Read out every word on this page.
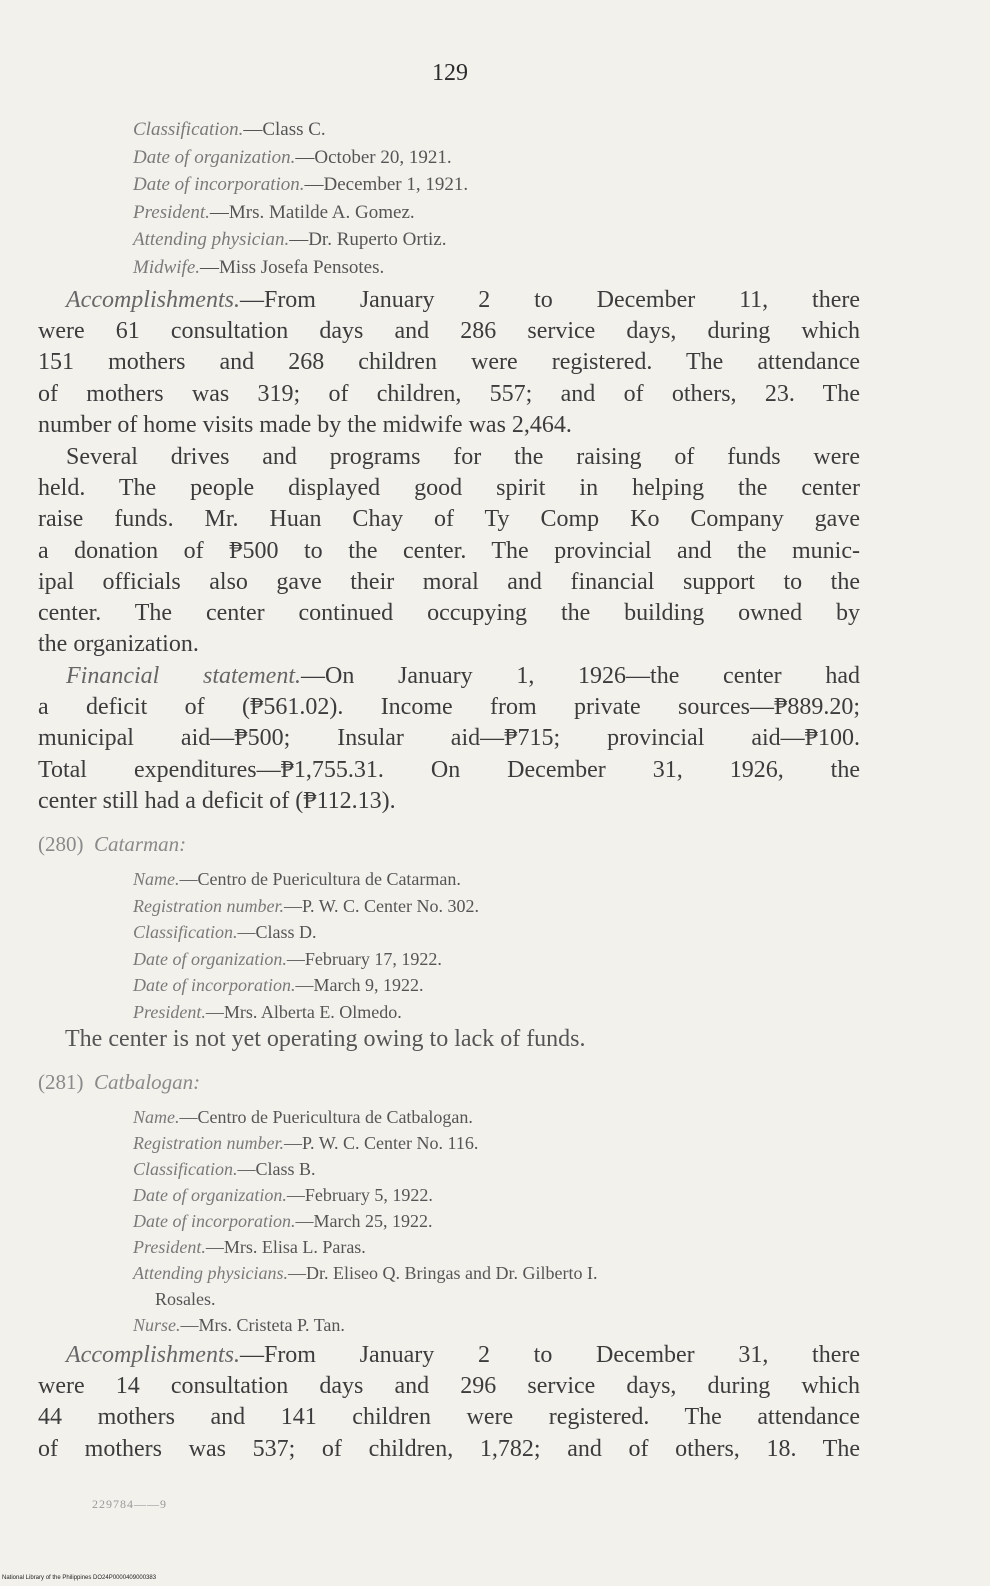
129
Classification.—Class C.
Date of organization.—October 20, 1921.
Date of incorporation.—December 1, 1921.
President.—Mrs. Matilde A. Gomez.
Attending physician.—Dr. Ruperto Ortiz.
Midwife.—Miss Josefa Pensotes.
Accomplishments.—From January 2 to December 11, there
were 61 consultation days and 286 service days, during which
151 mothers and 268 children were registered. The attendance
of mothers was 319; of children, 557; and of others, 23. The
number of home visits made by the midwife was 2,464.
Several drives and programs for the raising of funds were
held. The people displayed good spirit in helping the center
raise funds. Mr. Huan Chay of Ty Comp Ko Company gave
a donation of ₱500 to the center. The provincial and the munic-
ipal officials also gave their moral and financial support to the
center. The center continued occupying the building owned by
the organization.
Financial statement.—On January 1, 1926—the center had
a deficit of (₱561.02). Income from private sources—₱889.20;
municipal aid—₱500; Insular aid—₱715; provincial aid—₱100.
Total expenditures—₱1,755.31. On December 31, 1926, the
center still had a deficit of (₱112.13).
(280) Catarman:
Name.—Centro de Puericultura de Catarman.
Registration number.—P. W. C. Center No. 302.
Classification.—Class D.
Date of organization.—February 17, 1922.
Date of incorporation.—March 9, 1922.
President.—Mrs. Alberta E. Olmedo.
The center is not yet operating owing to lack of funds.
(281) Catbalogan:
Name.—Centro de Puericultura de Catbalogan.
Registration number.—P. W. C. Center No. 116.
Classification.—Class B.
Date of organization.—February 5, 1922.
Date of incorporation.—March 25, 1922.
President.—Mrs. Elisa L. Paras.
Attending physicians.—Dr. Eliseo Q. Bringas and Dr. Gilberto I.
Rosales.
Nurse.—Mrs. Cristeta P. Tan.
Accomplishments.—From January 2 to December 31, there
were 14 consultation days and 296 service days, during which
44 mothers and 141 children were registered. The attendance
of mothers was 537; of children, 1,782; and of others, 18. The
229784——9
National Library of the Philippines DO24P0000409000383
